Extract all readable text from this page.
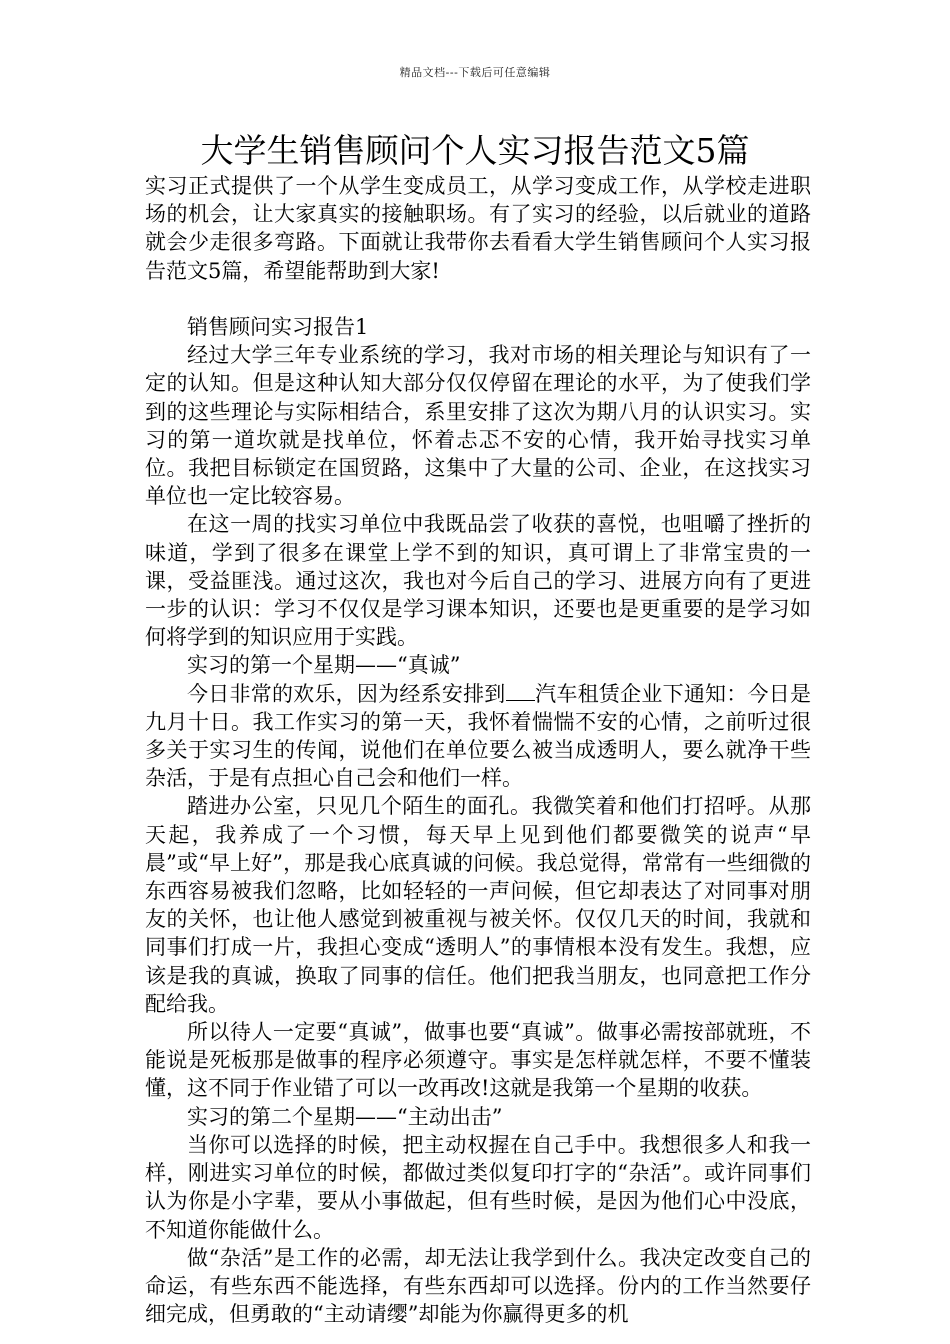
精品文档---下载后可任意编辑
大学生销售顾问个人实习报告范文5篇

实习正式提供了一个从学生变成员工，从学习变成工作，从学校走进职场的机会，让大家真实的接触职场。有了实习的经验，以后就业的道路就会少走很多弯路。下面就让我带你去看看大学生销售顾问个人实习报告范文5篇，希望能帮助到大家!

销售顾问实习报告1

经过大学三年专业系统的学习，我对市场的相关理论与知识有了一定的认知。但是这种认知大部分仅仅停留在理论的水平，为了使我们学到的这些理论与实际相结合，系里安排了这次为期八月的认识实习。实习的第一道坎就是找单位，怀着忐忑不安的心情，我开始寻找实习单位。我把目标锁定在国贸路，这集中了大量的公司、企业，在这找实习单位也一定比较容易。

在这一周的找实习单位中我既品尝了收获的喜悦，也咀嚼了挫折的味道，学到了很多在课堂上学不到的知识，真可谓上了非常宝贵的一课，受益匪浅。通过这次，我也对今后自己的学习、进展方向有了更进一步的认识：学习不仅仅是学习课本知识，还要也是更重要的是学习如何将学到的知识应用于实践。

实习的第一个星期——“真诚”

今日非常的欢乐，因为经系安排到 汽车租赁企业下通知：今日是九月十日。我工作实习的第一天，我怀着惴惴不安的心情，之前听过很多关于实习生的传闻，说他们在单位要么被当成透明人，要么就净干些杂活，于是有点担心自己会和他们一样。

踏进办公室，只见几个陌生的面孔。我微笑着和他们打招呼。从那天起，我养成了一个习惯，每天早上见到他们都要微笑的说声“早晨”或“早上好”，那是我心底真诚的问候。我总觉得，常常有一些细微的东西容易被我们忽略，比如轻轻的一声问候，但它却表达了对同事对朋友的关怀，也让他人感觉到被重视与被关怀。仅仅几天的时间，我就和同事们打成一片，我担心变成“透明人”的事情根本没有发生。我想，应该是我的真诚，换取了同事的信任。他们把我当朋友，也同意把工作分配给我。

所以待人一定要“真诚”，做事也要“真诚”。做事必需按部就班，不能说是死板那是做事的程序必须遵守。事实是怎样就怎样，不要不懂装懂，这不同于作业错了可以一改再改!这就是我第一个星期的收获。

实习的第二个星期——“主动出击”

当你可以选择的时候，把主动权握在自己手中。我想很多人和我一样，刚进实习单位的时候，都做过类似复印打字的“杂活”。或许同事们认为你是小字辈，要从小事做起，但有些时候，是因为他们心中没底，不知道你能做什么。

做“杂活”是工作的必需，却无法让我学到什么。我决定改变自己的命运，有些东西不能选择，有些东西却可以选择。份内的工作当然要仔细完成，但勇敢的“主动请缨”却能为你赢得更多的机
